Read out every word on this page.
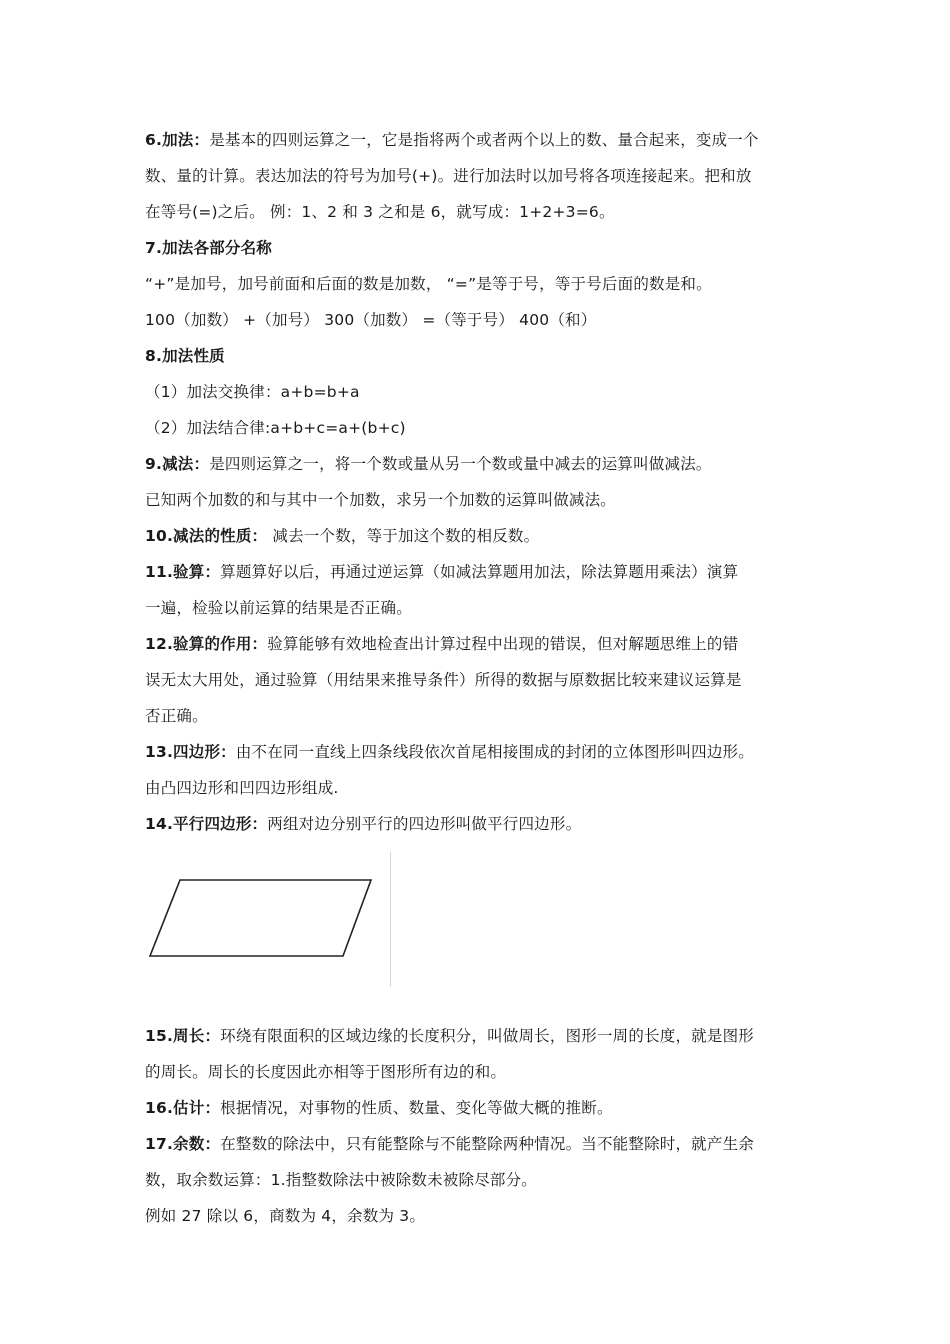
6.加法：是基本的四则运算之一，它是指将两个或者两个以上的数、量合起来，变成一个
数、量的计算。表达加法的符号为加号(+)。进行加法时以加号将各项连接起来。把和放
在等号(=)之后。 例：1、2 和 3 之和是 6，就写成：1+2+3=6。
7.加法各部分名称
“+”是加号，加号前面和后面的数是加数， “=”是等于号，等于号后面的数是和。
100（加数） +（加号） 300（加数） =（等于号） 400（和）
8.加法性质
（1）加法交换律：a+b=b+a
（2）加法结合律:a+b+c=a+(b+c)
9.减法：是四则运算之一，将一个数或量从另一个数或量中减去的运算叫做减法。
已知两个加数的和与其中一个加数，求另一个加数的运算叫做减法。
10.减法的性质： 减去一个数，等于加这个数的相反数。
11.验算：算题算好以后，再通过逆运算（如减法算题用加法，除法算题用乘法）演算
一遍，检验以前运算的结果是否正确。
12.验算的作用：验算能够有效地检查出计算过程中出现的错误，但对解题思维上的错
误无太大用处，通过验算（用结果来推导条件）所得的数据与原数据比较来建议运算是
否正确。
13.四边形：由不在同一直线上四条线段依次首尾相接围成的封闭的立体图形叫四边形。
由凸四边形和凹四边形组成.
14.平行四边形：两组对边分别平行的四边形叫做平行四边形。
15.周长：环绕有限面积的区域边缘的长度积分，叫做周长，图形一周的长度，就是图形
的周长。周长的长度因此亦相等于图形所有边的和。
16.估计：根据情况，对事物的性质、数量、变化等做大概的推断。
17.余数：在整数的除法中，只有能整除与不能整除两种情况。当不能整除时，就产生余
数，取余数运算：1.指整数除法中被除数未被除尽部分。
例如 27 除以 6，商数为 4，余数为 3。
